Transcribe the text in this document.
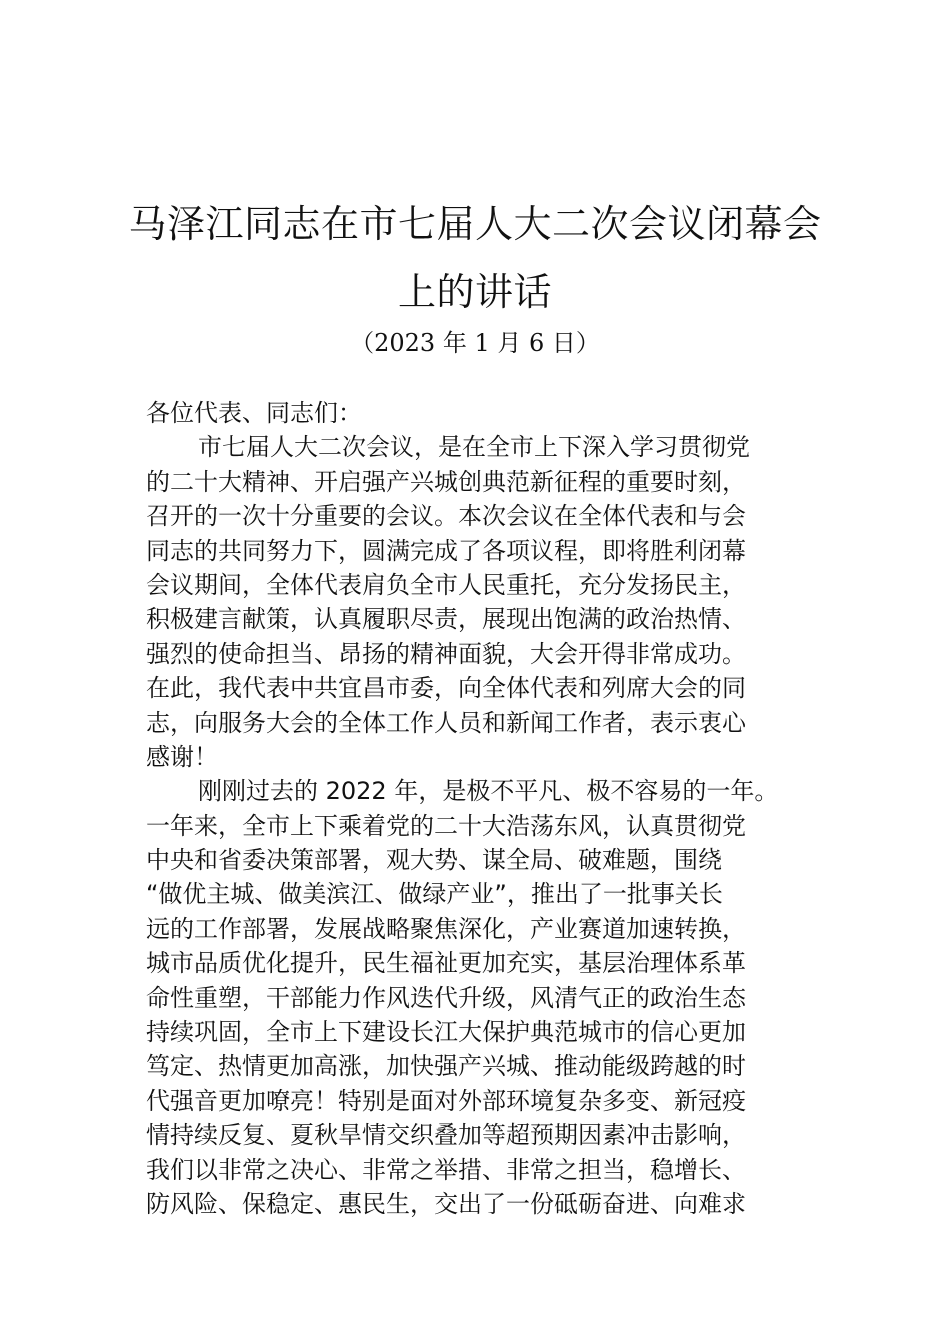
马泽江同志在市七届人大二次会议闭幕会
上的讲话
（2023 年 1 月 6 日）
各位代表、同志们：
市七届人大二次会议，是在全市上下深入学习贯彻党
的二十大精神、开启强产兴城创典范新征程的重要时刻，
召开的一次十分重要的会议。本次会议在全体代表和与会
同志的共同努力下，圆满完成了各项议程，即将胜利闭幕
会议期间，全体代表肩负全市人民重托，充分发扬民主，
积极建言献策，认真履职尽责，展现出饱满的政治热情、
强烈的使命担当、昂扬的精神面貌，大会开得非常成功。
在此，我代表中共宜昌市委，向全体代表和列席大会的同
志，向服务大会的全体工作人员和新闻工作者，表示衷心
感谢！
刚刚过去的 2022 年，是极不平凡、极不容易的一年。
一年来，全市上下乘着党的二十大浩荡东风，认真贯彻党
中央和省委决策部署，观大势、谋全局、破难题，围绕
“做优主城、做美滨江、做绿产业”，推出了一批事关长
远的工作部署，发展战略聚焦深化，产业赛道加速转换，
城市品质优化提升，民生福祉更加充实，基层治理体系革
命性重塑，干部能力作风迭代升级，风清气正的政治生态
持续巩固，全市上下建设长江大保护典范城市的信心更加
笃定、热情更加高涨，加快强产兴城、推动能级跨越的时
代强音更加嘹亮！特别是面对外部环境复杂多变、新冠疫
情持续反复、夏秋旱情交织叠加等超预期因素冲击影响，
我们以非常之决心、非常之举措、非常之担当，稳增长、
防风险、保稳定、惠民生，交出了一份砥砺奋进、向难求
